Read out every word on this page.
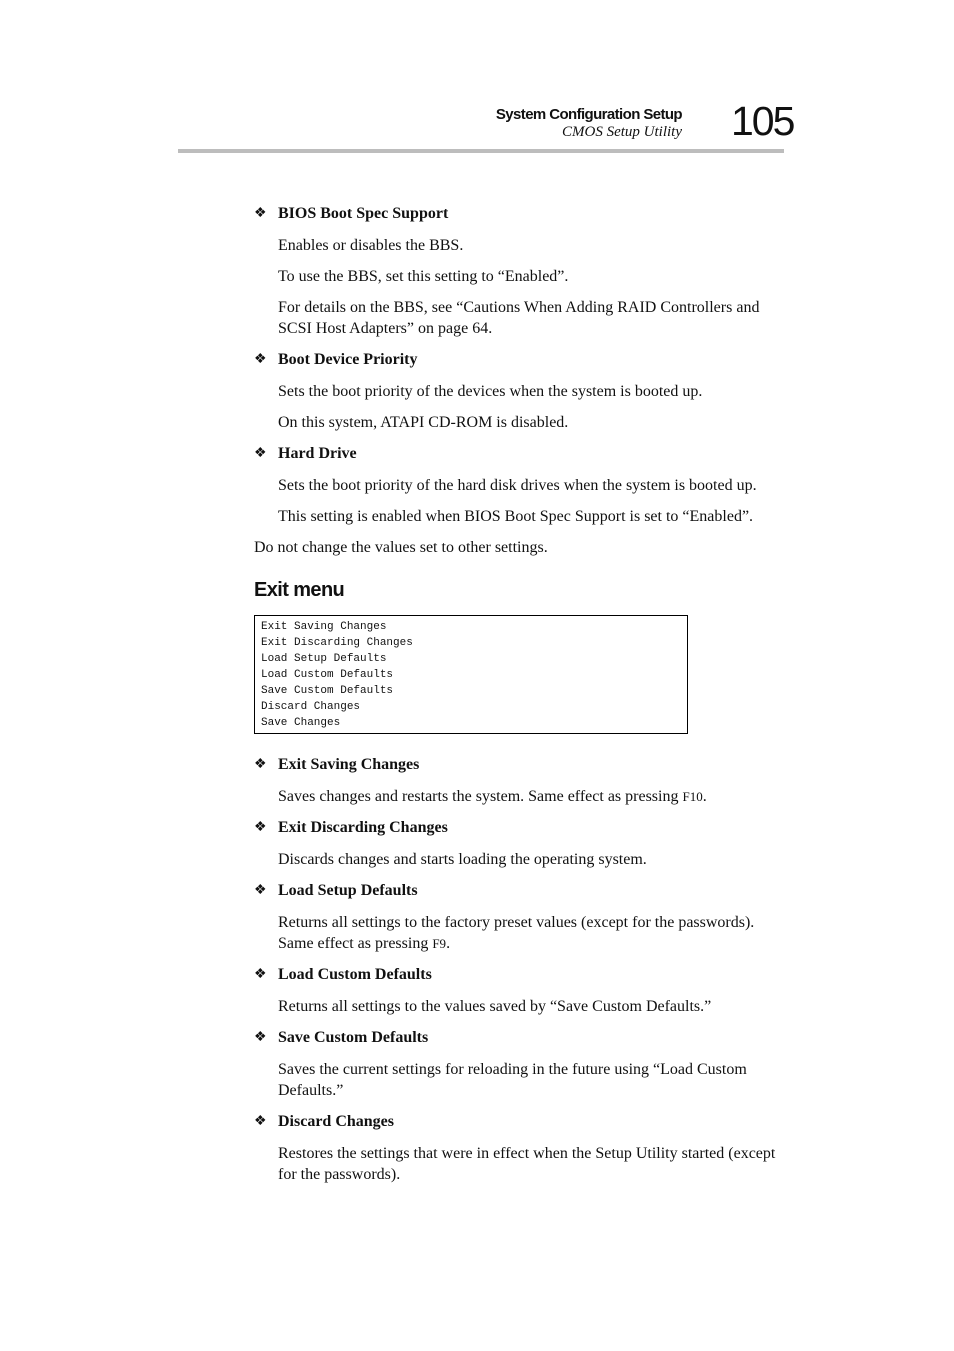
System Configuration Setup
CMOS Setup Utility 105
❖ BIOS Boot Spec Support

Enables or disables the BBS.

To use the BBS, set this setting to “Enabled”.

For details on the BBS, see “Cautions When Adding RAID Controllers and SCSI Host Adapters” on page 64.

❖ Boot Device Priority

Sets the boot priority of the devices when the system is booted up.

On this system, ATAPI CD-ROM is disabled.

❖ Hard Drive

Sets the boot priority of the hard disk drives when the system is booted up.

This setting is enabled when BIOS Boot Spec Support is set to “Enabled”.

Do not change the values set to other settings.

Exit menu
Exit Saving Changes
Exit Discarding Changes
Load Setup Defaults
Load Custom Defaults
Save Custom Defaults
Discard Changes
Save Changes
❖ Exit Saving Changes

Saves changes and restarts the system. Same effect as pressing F10.

❖ Exit Discarding Changes

Discards changes and starts loading the operating system.

❖ Load Setup Defaults

Returns all settings to the factory preset values (except for the passwords). Same effect as pressing F9.

❖ Load Custom Defaults

Returns all settings to the values saved by “Save Custom Defaults.”

❖ Save Custom Defaults

Saves the current settings for reloading in the future using “Load Custom Defaults.”

❖ Discard Changes

Restores the settings that were in effect when the Setup Utility started (except for the passwords).
